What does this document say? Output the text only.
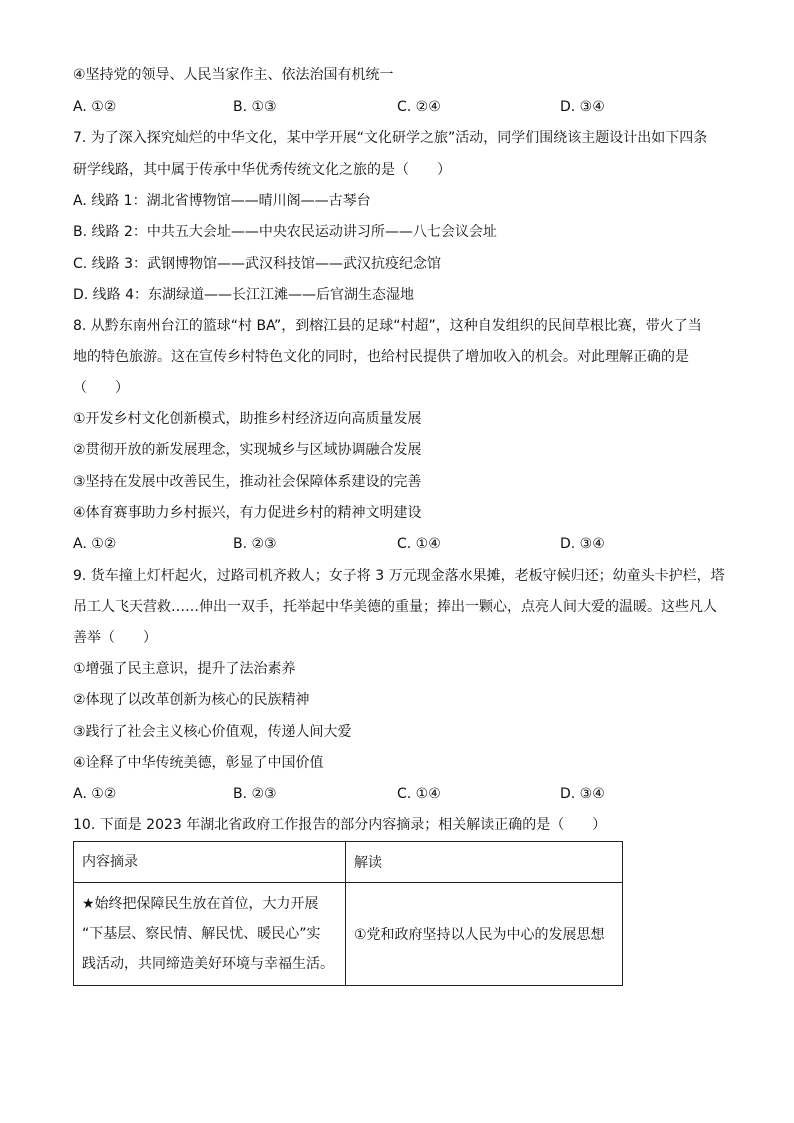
④坚持党的领导、人民当家作主、依法治国有机统一
A. ①②	B. ①③	C. ②④	D. ③④
7. 为了深入探究灿烂的中华文化，某中学开展“文化研学之旅”活动，同学们围绕该主题设计出如下四条
研学线路，其中属于传承中华优秀传统文化之旅的是（　　）
A. 线路 1：湖北省博物馆——晴川阁——古琴台
B. 线路 2：中共五大会址——中央农民运动讲习所——八七会议会址
C. 线路 3：武钢博物馆——武汉科技馆——武汉抗疫纪念馆
D. 线路 4：东湖绿道——长江江滩——后官湖生态湿地
8. 从黔东南州台江的篮球“村 BA”，到榕江县的足球“村超”，这种自发组织的民间草根比赛，带火了当
地的特色旅游。这在宣传乡村特色文化的同时，也给村民提供了增加收入的机会。对此理解正确的是
（　　）
①开发乡村文化创新模式，助推乡村经济迈向高质量发展
②贯彻开放的新发展理念，实现城乡与区域协调融合发展
③坚持在发展中改善民生，推动社会保障体系建设的完善
④体育赛事助力乡村振兴，有力促进乡村的精神文明建设
A. ①②	B. ②③	C. ①④	D. ③④
9. 货车撞上灯杆起火，过路司机齐救人；女子将 3 万元现金落水果摊，老板守候归还；幼童头卡护栏，塔
吊工人飞天营救……伸出一双手，托举起中华美德的重量；捧出一颗心，点亮人间大爱的温暖。这些凡人
善举（　　）
①增强了民主意识，提升了法治素养
②体现了以改革创新为核心的民族精神
③践行了社会主义核心价值观，传递人间大爱
④诠释了中华传统美德，彰显了中国价值
A. ①②	B. ②③	C. ①④	D. ③④
10. 下面是 2023 年湖北省政府工作报告的部分内容摘录；相关解读正确的是（　　）
内容摘录	解读

★始终把保障民生放在首位，大力开展
“下基层、察民情、解民忧、暖民心”实
践活动，共同缔造美好环境与幸福生活。	①党和政府坚持以人民为中心的发展思想
